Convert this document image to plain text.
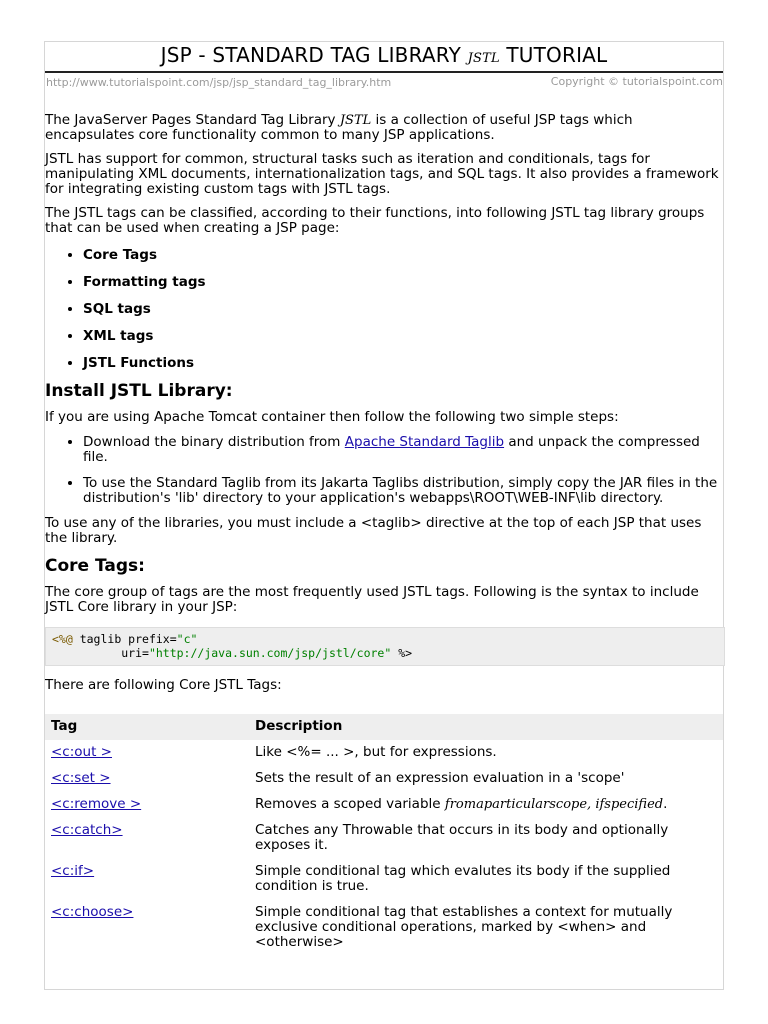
JSP - STANDARD TAG LIBRARY JSTL TUTORIAL
http://www.tutorialspoint.com/jsp/jsp_standard_tag_library.htm	Copyright © tutorialspoint.com

The JavaServer Pages Standard Tag Library JSTL is a collection of useful JSP tags which encapsulates core functionality common to many JSP applications.

JSTL has support for common, structural tasks such as iteration and conditionals, tags for manipulating XML documents, internationalization tags, and SQL tags. It also provides a framework for integrating existing custom tags with JSTL tags.

The JSTL tags can be classified, according to their functions, into following JSTL tag library groups that can be used when creating a JSP page:

• Core Tags
• Formatting tags
• SQL tags
• XML tags
• JSTL Functions
Install JSTL Library:

If you are using Apache Tomcat container then follow the following two simple steps:

• Download the binary distribution from Apache Standard Taglib and unpack the compressed file.
• To use the Standard Taglib from its Jakarta Taglibs distribution, simply copy the JAR files in the distribution's 'lib' directory to your application's webapps\ROOT\WEB-INF\lib directory.

To use any of the libraries, you must include a <taglib> directive at the top of each JSP that uses the library.

Core Tags:

The core group of tags are the most frequently used JSTL tags. Following is the syntax to include JSTL Core library in your JSP:

<%@ taglib prefix="c"
uri="http://java.sun.com/jsp/jstl/core" %>

There are following Core JSTL Tags:

Tag	Description
<c:out >	Like <%= ... >, but for expressions.
<c:set >	Sets the result of an expression evaluation in a 'scope'
<c:remove >	Removes a scoped variable fromaparticularscope, ifspecified.
<c:catch>	Catches any Throwable that occurs in its body and optionally exposes it.
<c:if>	Simple conditional tag which evalutes its body if the supplied condition is true.
<c:choose>	Simple conditional tag that establishes a context for mutually exclusive conditional operations, marked by <when> and <otherwise>
